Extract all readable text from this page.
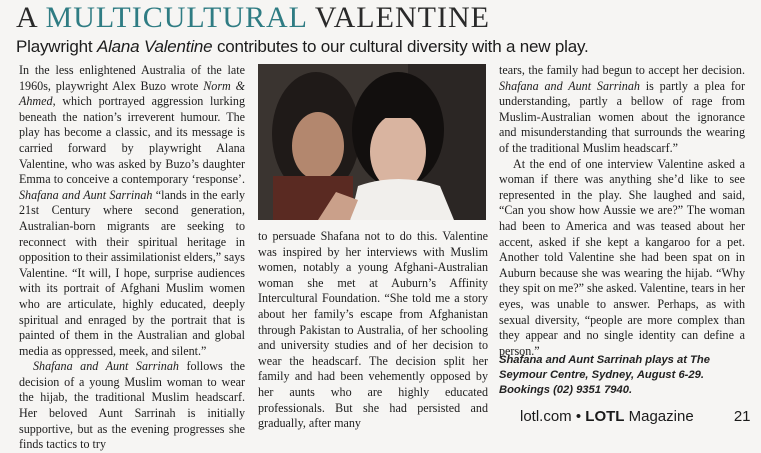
A MULTICULTURAL VALENTINE
Playwright Alana Valentine contributes to our cultural diversity with a new play.

In the less enlightened Australia of the late 1960s, playwright Alex Buzo wrote Norm & Ahmed, which portrayed aggression lurking beneath the nation’s irreverent humour. The play has become a classic, and its message is carried forward by playwright Alana Valentine, who was asked by Buzo’s daughter Emma to conceive a contemporary ‘response’. Shafana and Aunt Sarrinah “lands in the early 21st Century where second generation, Australian-born migrants are seeking to reconnect with their spiritual heritage in opposition to their assimilationist elders,” says Valentine. “It will, I hope, surprise audiences with its portrait of Afghani Muslim women who are articulate, highly educated, deeply spiritual and enraged by the portrait that is painted of them in the Australian and global media as oppressed, meek, and silent.”

Shafana and Aunt Sarrinah follows the decision of a young Muslim woman to wear the hijab, the traditional Muslim headscarf. Her beloved Aunt Sarrinah is initially supportive, but as the evening progresses she finds tactics to try

to persuade Shafana not to do this. Valentine was inspired by her interviews with Muslim women, notably a young Afghani-Australian woman she met at Auburn’s Affinity Intercultural Foundation. “She told me a story about her family’s escape from Afghanistan through Pakistan to Australia, of her schooling and university studies and of her decision to wear the headscarf. The decision split her family and had been vehemently opposed by her aunts who are highly educated professionals. But she had persisted and gradually, after many

tears, the family had begun to accept her decision. Shafana and Aunt Sarrinah is partly a plea for understanding, partly a bellow of rage from Muslim-Australian women about the ignorance and misunderstanding that surrounds the wearing of the traditional Muslim headscarf.”

At the end of one interview Valentine asked a woman if there was anything she’d like to see represented in the play. She laughed and said, “Can you show how Aussie we are?” The woman had been to America and was teased about her accent, asked if she kept a kangaroo for a pet. Another told Valentine she had been spat on in Auburn because she was wearing the hijab. “Why they spit on me?” she asked. Valentine, tears in her eyes, was unable to answer. Perhaps, as with sexual diversity, “people are more complex than they appear and no single identity can define a person.”

Shafana and Aunt Sarrinah plays at The Seymour Centre, Sydney, August 6-29. Bookings (02) 9351 7940.
lotl.com • LOTL Magazine	21
